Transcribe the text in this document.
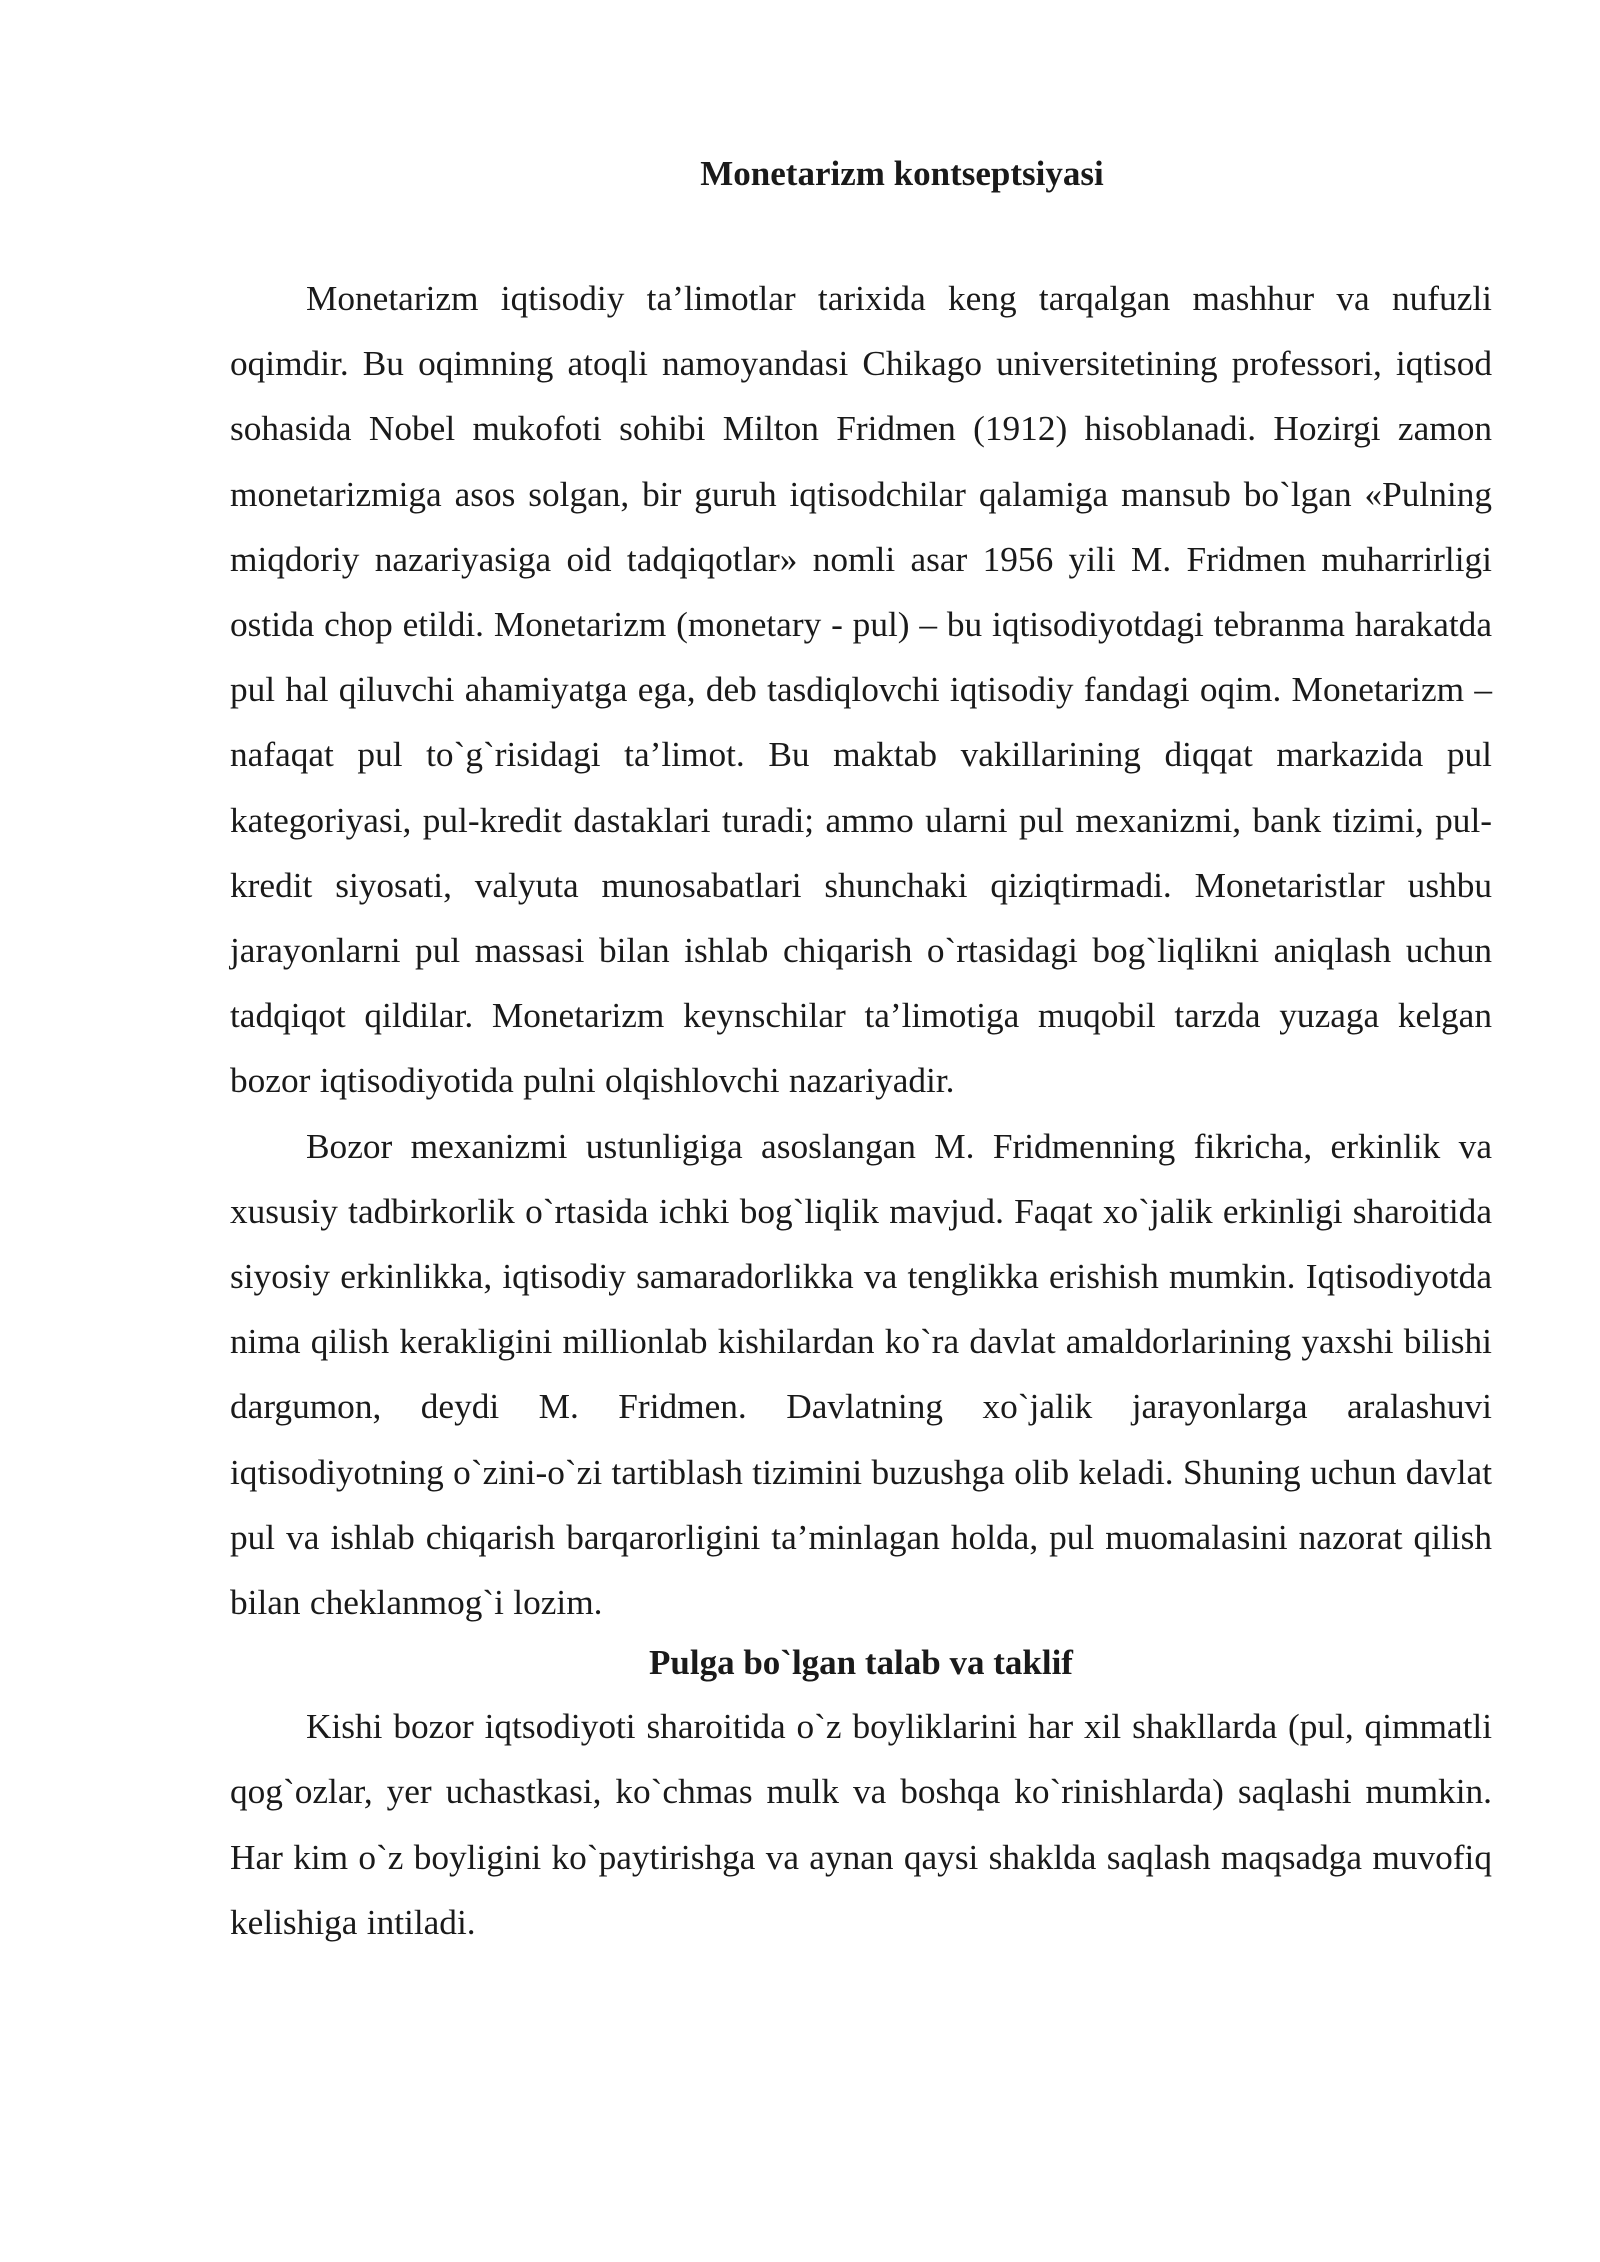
Monetarizm kontseptsiyasi

Monetarizm iqtisodiy ta’limotlar tarixida keng tarqalgan mashhur va nufuzli oqimdir. Bu oqimning atoqli namoyandasi Chikago universitetining professori, iqtisod sohasida Nobel mukofoti sohibi Milton Fridmen (1912) hisoblanadi. Hozirgi zamon monetarizmiga asos solgan, bir guruh iqtisodchilar qalamiga mansub bo`lgan «Pulning miqdoriy nazariyasiga oid tadqiqotlar» nomli asar 1956 yili M. Fridmen muharrirligi ostida chop etildi. Monetarizm (monetary - pul) – bu iqtisodiyotdagi tebranma harakatda pul hal qiluvchi ahamiyatga ega, deb tasdiqlovchi iqtisodiy fandagi oqim. Monetarizm – nafaqat pul to`g`risidagi ta’limot. Bu maktab vakillarining diqqat markazida pul kategoriyasi, pul-kredit dastaklari turadi; ammo ularni pul mexanizmi, bank tizimi, pul-kredit siyosati, valyuta munosabatlari shunchaki qiziqtirmadi. Monetaristlar ushbu jarayonlarni pul massasi bilan ishlab chiqarish o`rtasidagi bog`liqlikni aniqlash uchun tadqiqot qildilar. Monetarizm keynschilar ta’limotiga muqobil tarzda yuzaga kelgan bozor iqtisodiyotida pulni olqishlovchi nazariyadir.

Bozor mexanizmi ustunligiga asoslangan M. Fridmenning fikricha, erkinlik va xususiy tadbirkorlik o`rtasida ichki bog`liqlik mavjud. Faqat xo`jalik erkinligi sharoitida siyosiy erkinlikka, iqtisodiy samaradorlikka va tenglikka erishish mumkin. Iqtisodiyotda nima qilish kerakligini millionlab kishilardan ko`ra davlat amaldorlarining yaxshi bilishi dargumon, deydi M. Fridmen. Davlatning xo`jalik jarayonlarga aralashuvi iqtisodiyotning o`zini-o`zi tartiblash tizimini buzushga olib keladi. Shuning uchun davlat pul va ishlab chiqarish barqarorligini ta’minlagan holda, pul muomalasini nazorat qilish bilan cheklanmog`i lozim.

Pulga bo`lgan talab va taklif

Kishi bozor iqtsodiyoti sharoitida o`z boyliklarini har xil shakllarda (pul, qimmatli qog`ozlar, yer uchastkasi, ko`chmas mulk va boshqa ko`rinishlarda) saqlashi mumkin. Har kim o`z boyligini ko`paytirishga va aynan qaysi shaklda saqlash maqsadga muvofiq kelishiga intiladi.
